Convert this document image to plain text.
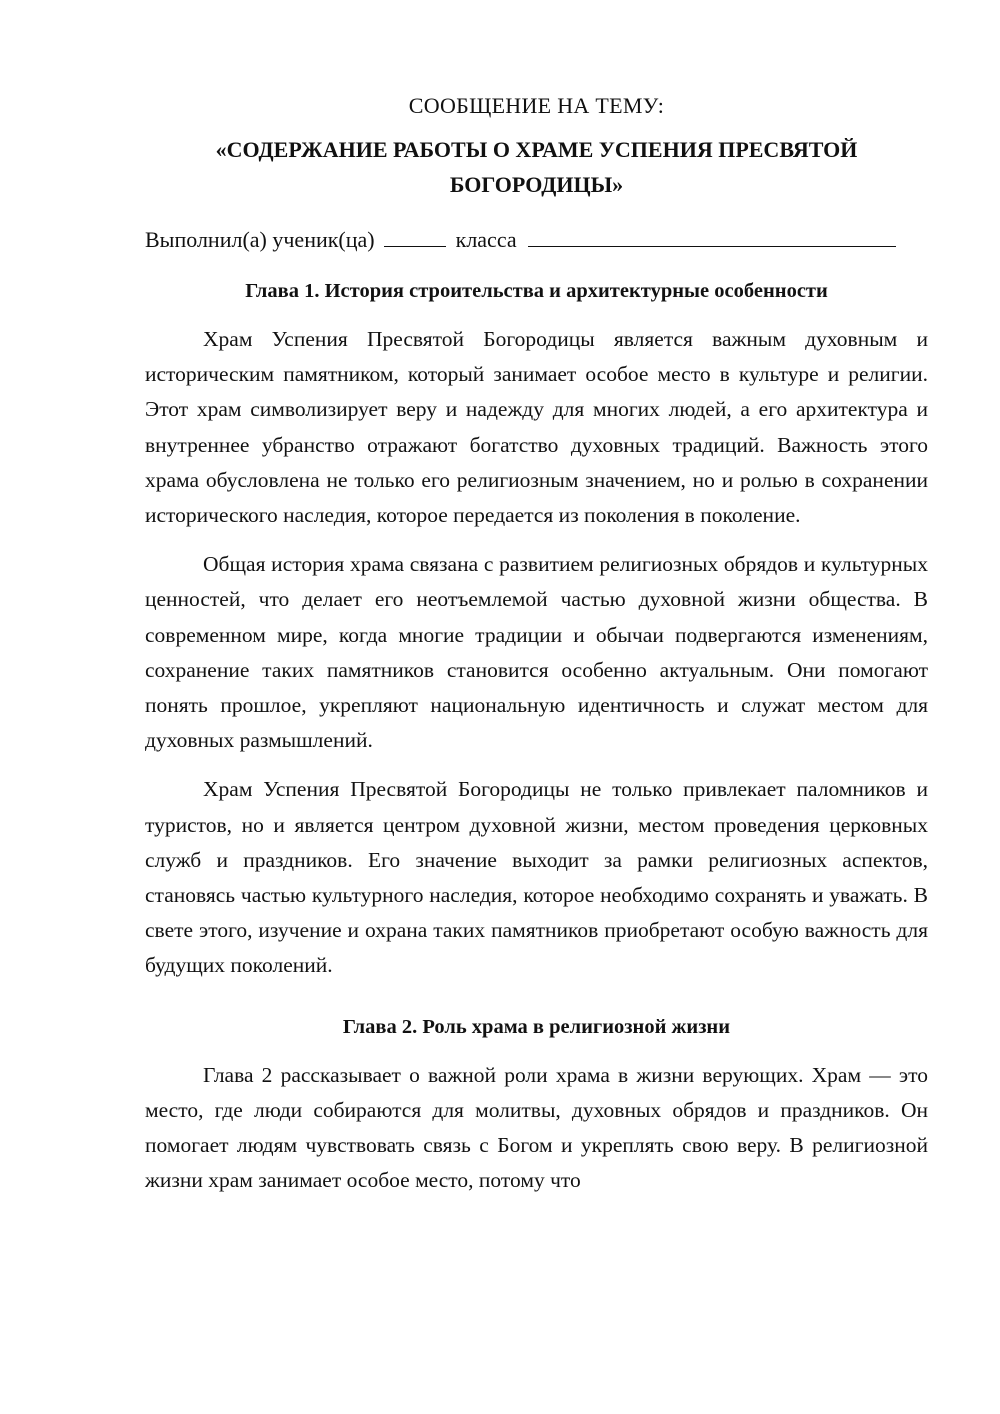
СООБЩЕНИЕ НА ТЕМУ:
«СОДЕРЖАНИЕ РАБОТЫ О ХРАМЕ УСПЕНИЯ ПРЕСВЯТОЙ БОГОРОДИЦЫ»
Выполнил(а) ученик(ца)	класса
Глава 1. История строительства и архитектурные особенности

Храм Успения Пресвятой Богородицы является важным духовным и историческим памятником, который занимает особое место в культуре и религии. Этот храм символизирует веру и надежду для многих людей, а его архитектура и внутреннее убранство отражают богатство духовных традиций. Важность этого храма обусловлена не только его религиозным значением, но и ролью в сохранении исторического наследия, которое передается из поколения в поколение.

Общая история храма связана с развитием религиозных обрядов и культурных ценностей, что делает его неотъемлемой частью духовной жизни общества. В современном мире, когда многие традиции и обычаи подвергаются изменениям, сохранение таких памятников становится особенно актуальным. Они помогают понять прошлое, укрепляют национальную идентичность и служат местом для духовных размышлений.

Храм Успения Пресвятой Богородицы не только привлекает паломников и туристов, но и является центром духовной жизни, местом проведения церковных служб и праздников. Его значение выходит за рамки религиозных аспектов, становясь частью культурного наследия, которое необходимо сохранять и уважать. В свете этого, изучение и охрана таких памятников приобретают особую важность для будущих поколений.

Глава 2. Роль храма в религиозной жизни

Глава 2 рассказывает о важной роли храма в жизни верующих. Храм — это место, где люди собираются для молитвы, духовных обрядов и праздников. Он помогает людям чувствовать связь с Богом и укреплять свою веру. В религиозной жизни храм занимает особое место, потому что
